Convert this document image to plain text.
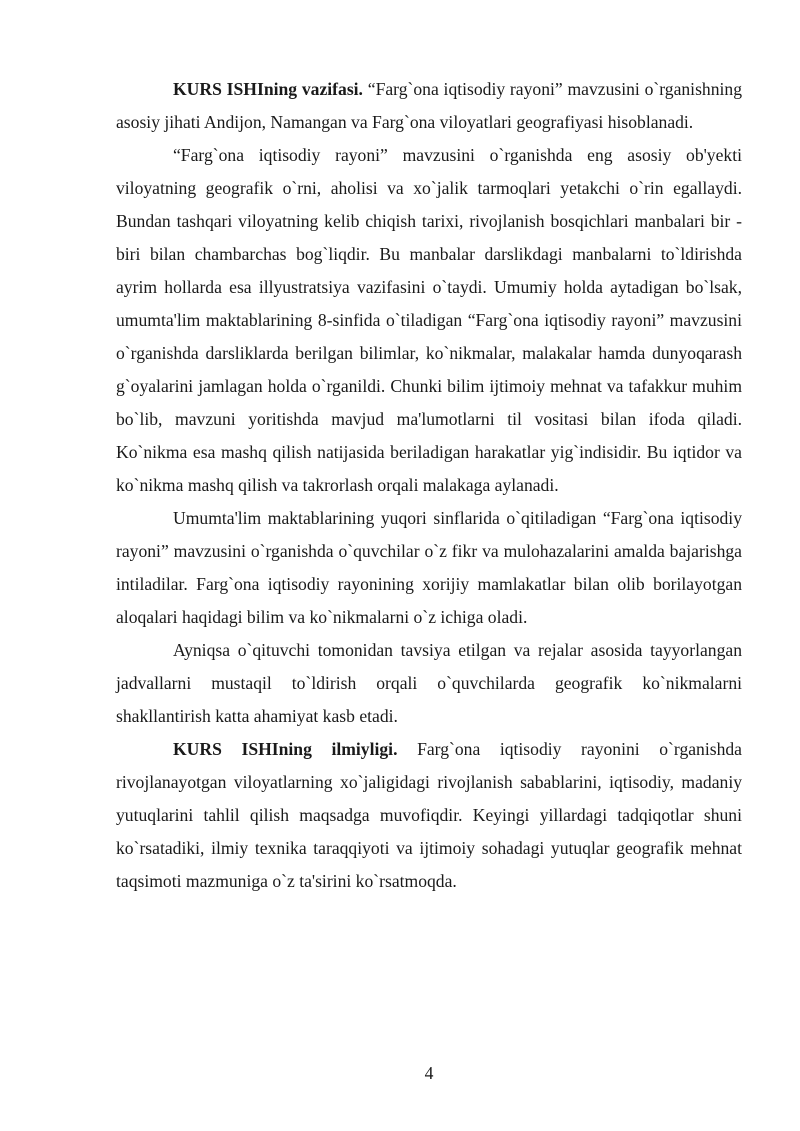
KURS ISHIning vazifasi. “Farg`ona iqtisodiy rayoni” mavzusini o`rganishning asosiy jihati Andijon, Namangan va Farg`ona viloyatlari geografiyasi hisoblanadi.

“Farg`ona iqtisodiy rayoni” mavzusini o`rganishda eng asosiy ob'yekti viloyatning geografik o`rni, aholisi va xo`jalik tarmoqlari yetakchi o`rin egallaydi. Bundan tashqari viloyatning kelib chiqish tarixi, rivojlanish bosqichlari manbalari bir - biri bilan chambarchas bog`liqdir. Bu manbalar darslikdagi manbalarni to`ldirishda ayrim hollarda esa illyustratsiya vazifasini o`taydi. Umumiy holda aytadigan bo`lsak, umumta'lim maktablarining 8-sinfida o`tiladigan “Farg`ona iqtisodiy rayoni” mavzusini o`rganishda darsliklarda berilgan bilimlar, ko`nikmalar, malakalar hamda dunyoqarash g`oyalarini jamlagan holda o`rganildi. Chunki bilim ijtimoiy mehnat va tafakkur muhim bo`lib, mavzuni yoritishda mavjud ma'lumotlarni til vositasi bilan ifoda qiladi. Ko`nikma esa mashq qilish natijasida beriladigan harakatlar yig`indisidir. Bu iqtidor va ko`nikma mashq qilish va takrorlash orqali malakaga aylanadi.

Umumta'lim maktablarining yuqori sinflarida o`qitiladigan “Farg`ona iqtisodiy rayoni” mavzusini o`rganishda o`quvchilar o`z fikr va mulohazalarini amalda bajarishga intiladilar. Farg`ona iqtisodiy rayonining xorijiy mamlakatlar bilan olib borilayotgan aloqalari haqidagi bilim va ko`nikmalarni o`z ichiga oladi.

Ayniqsa o`qituvchi tomonidan tavsiya etilgan va rejalar asosida tayyorlangan jadvallarni mustaqil to`ldirish orqali o`quvchilarda geografik ko`nikmalarni shakllantirish katta ahamiyat kasb etadi.

KURS ISHIning ilmiyligi. Farg`ona iqtisodiy rayonini o`rganishda rivojlanayotgan viloyatlarning xo`jaligidagi rivojlanish sabablarini, iqtisodiy, madaniy yutuqlarini tahlil qilish maqsadga muvofiqdir. Keyingi yillardagi tadqiqotlar shuni ko`rsatadiki, ilmiy texnika taraqqiyoti va ijtimoiy sohadagi yutuqlar geografik mehnat taqsimoti mazmuniga o`z ta'sirini ko`rsatmoqda.

4
